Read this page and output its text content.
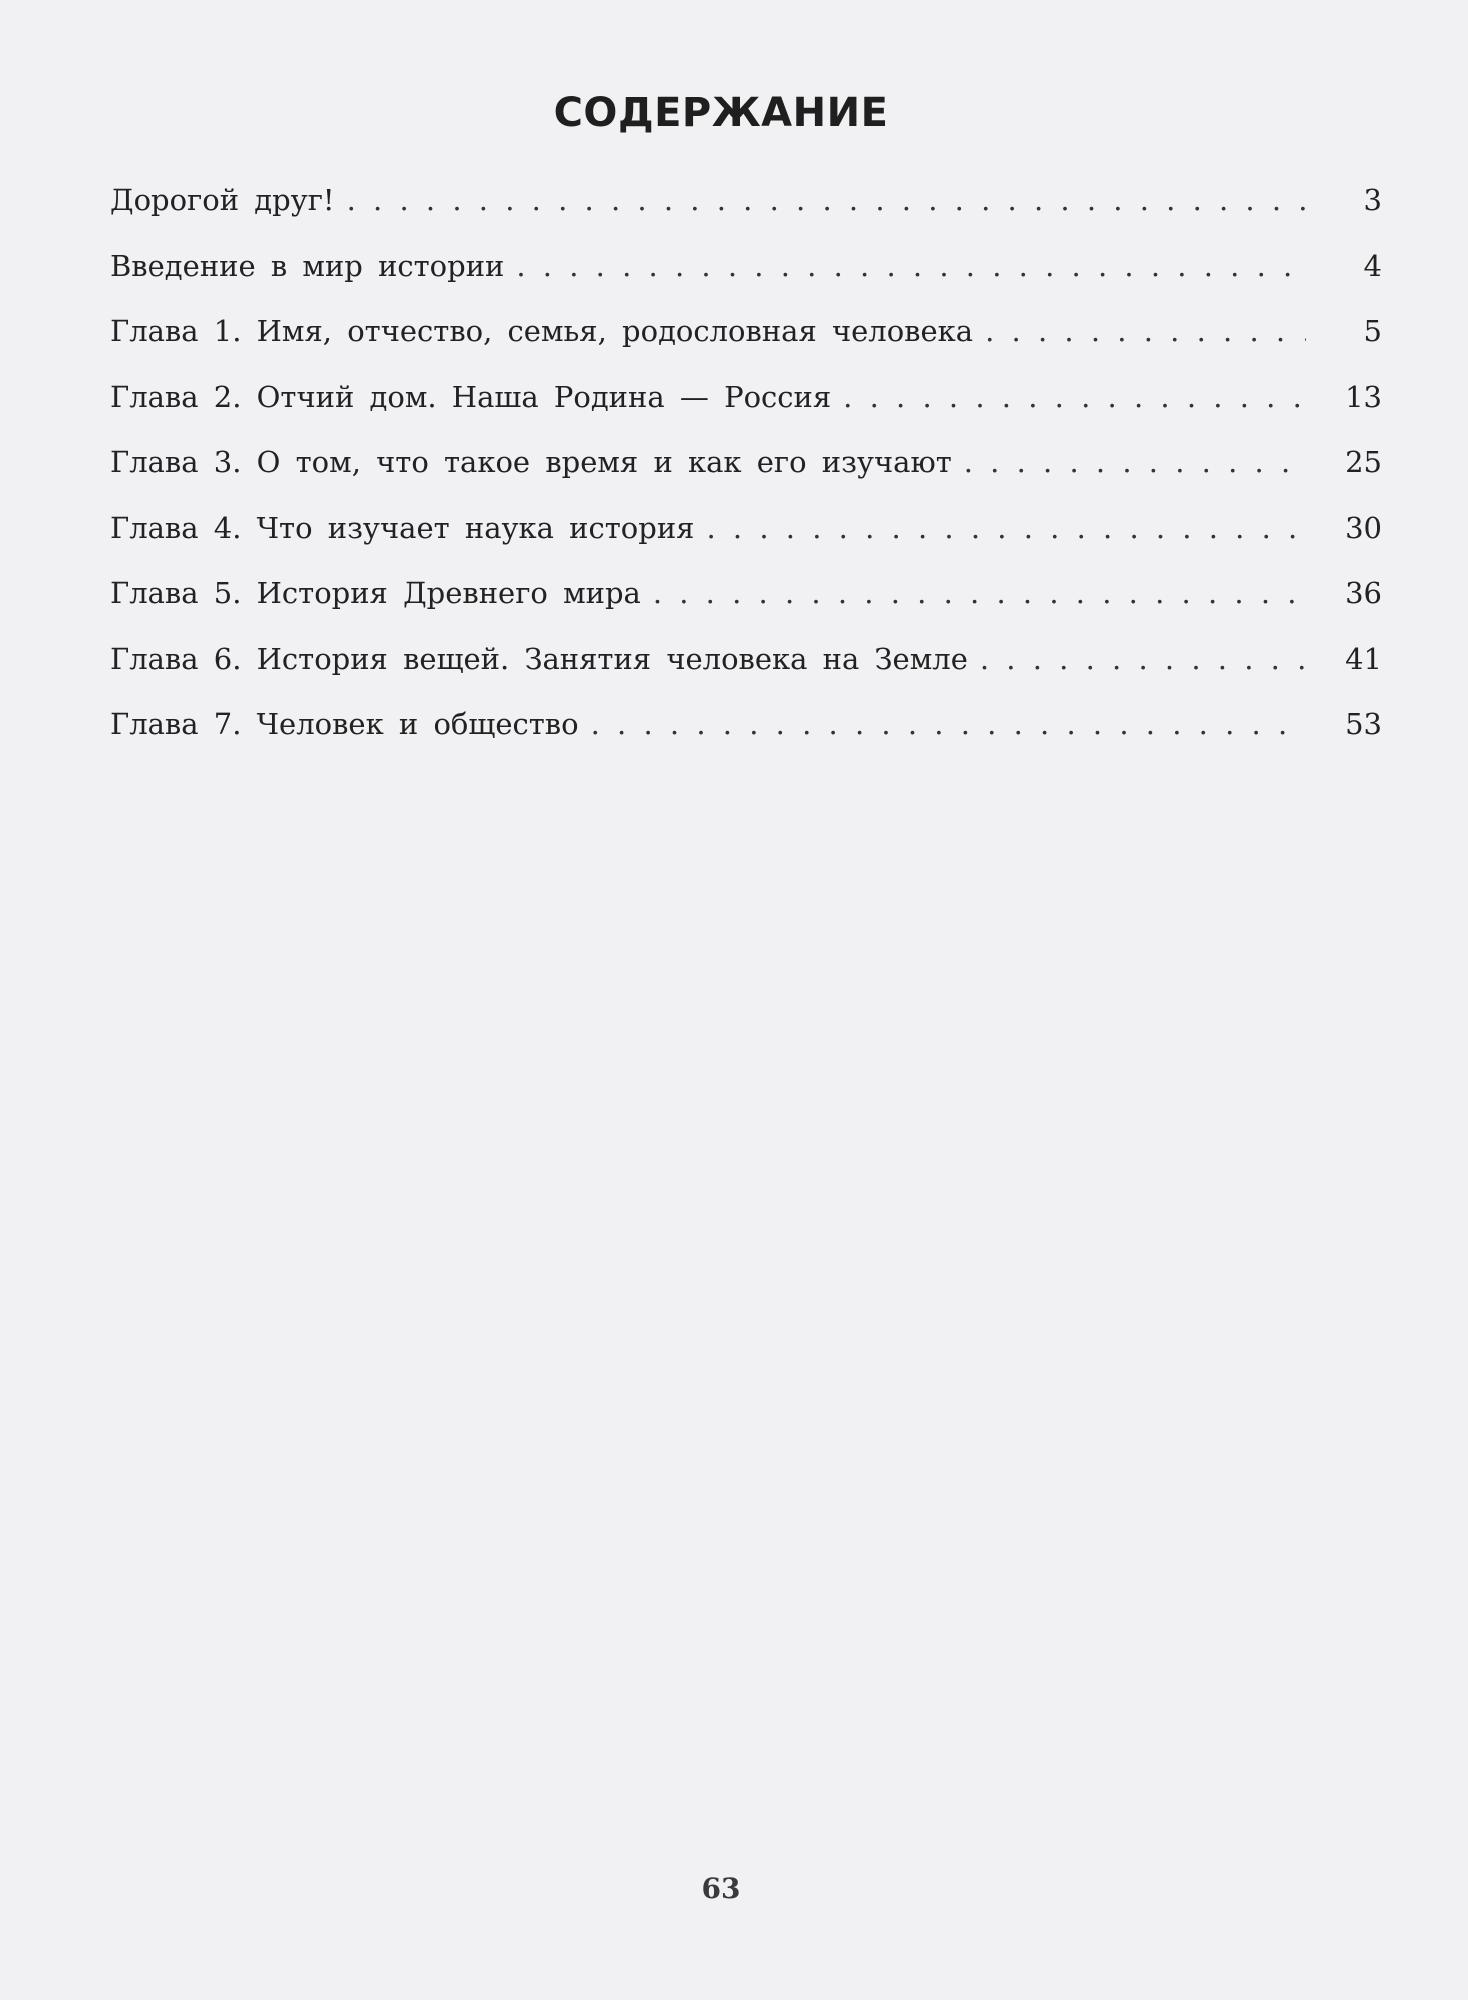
СОДЕРЖАНИЕ
Дорогой друг! . . .	3
Введение в мир истории . . .	4
Глава 1. Имя, отчество, семья, родословная человека . . .	5
Глава 2. Отчий дом. Наша Родина — Россия . . .	13
Глава 3. О том, что такое время и как его изучают . . .	25
Глава 4. Что изучает наука история . . .	30
Глава 5. История Древнего мира . . .	36
Глава 6. История вещей. Занятия человека на Земле . . .	41
Глава 7. Человек и общество . . .	53
63
